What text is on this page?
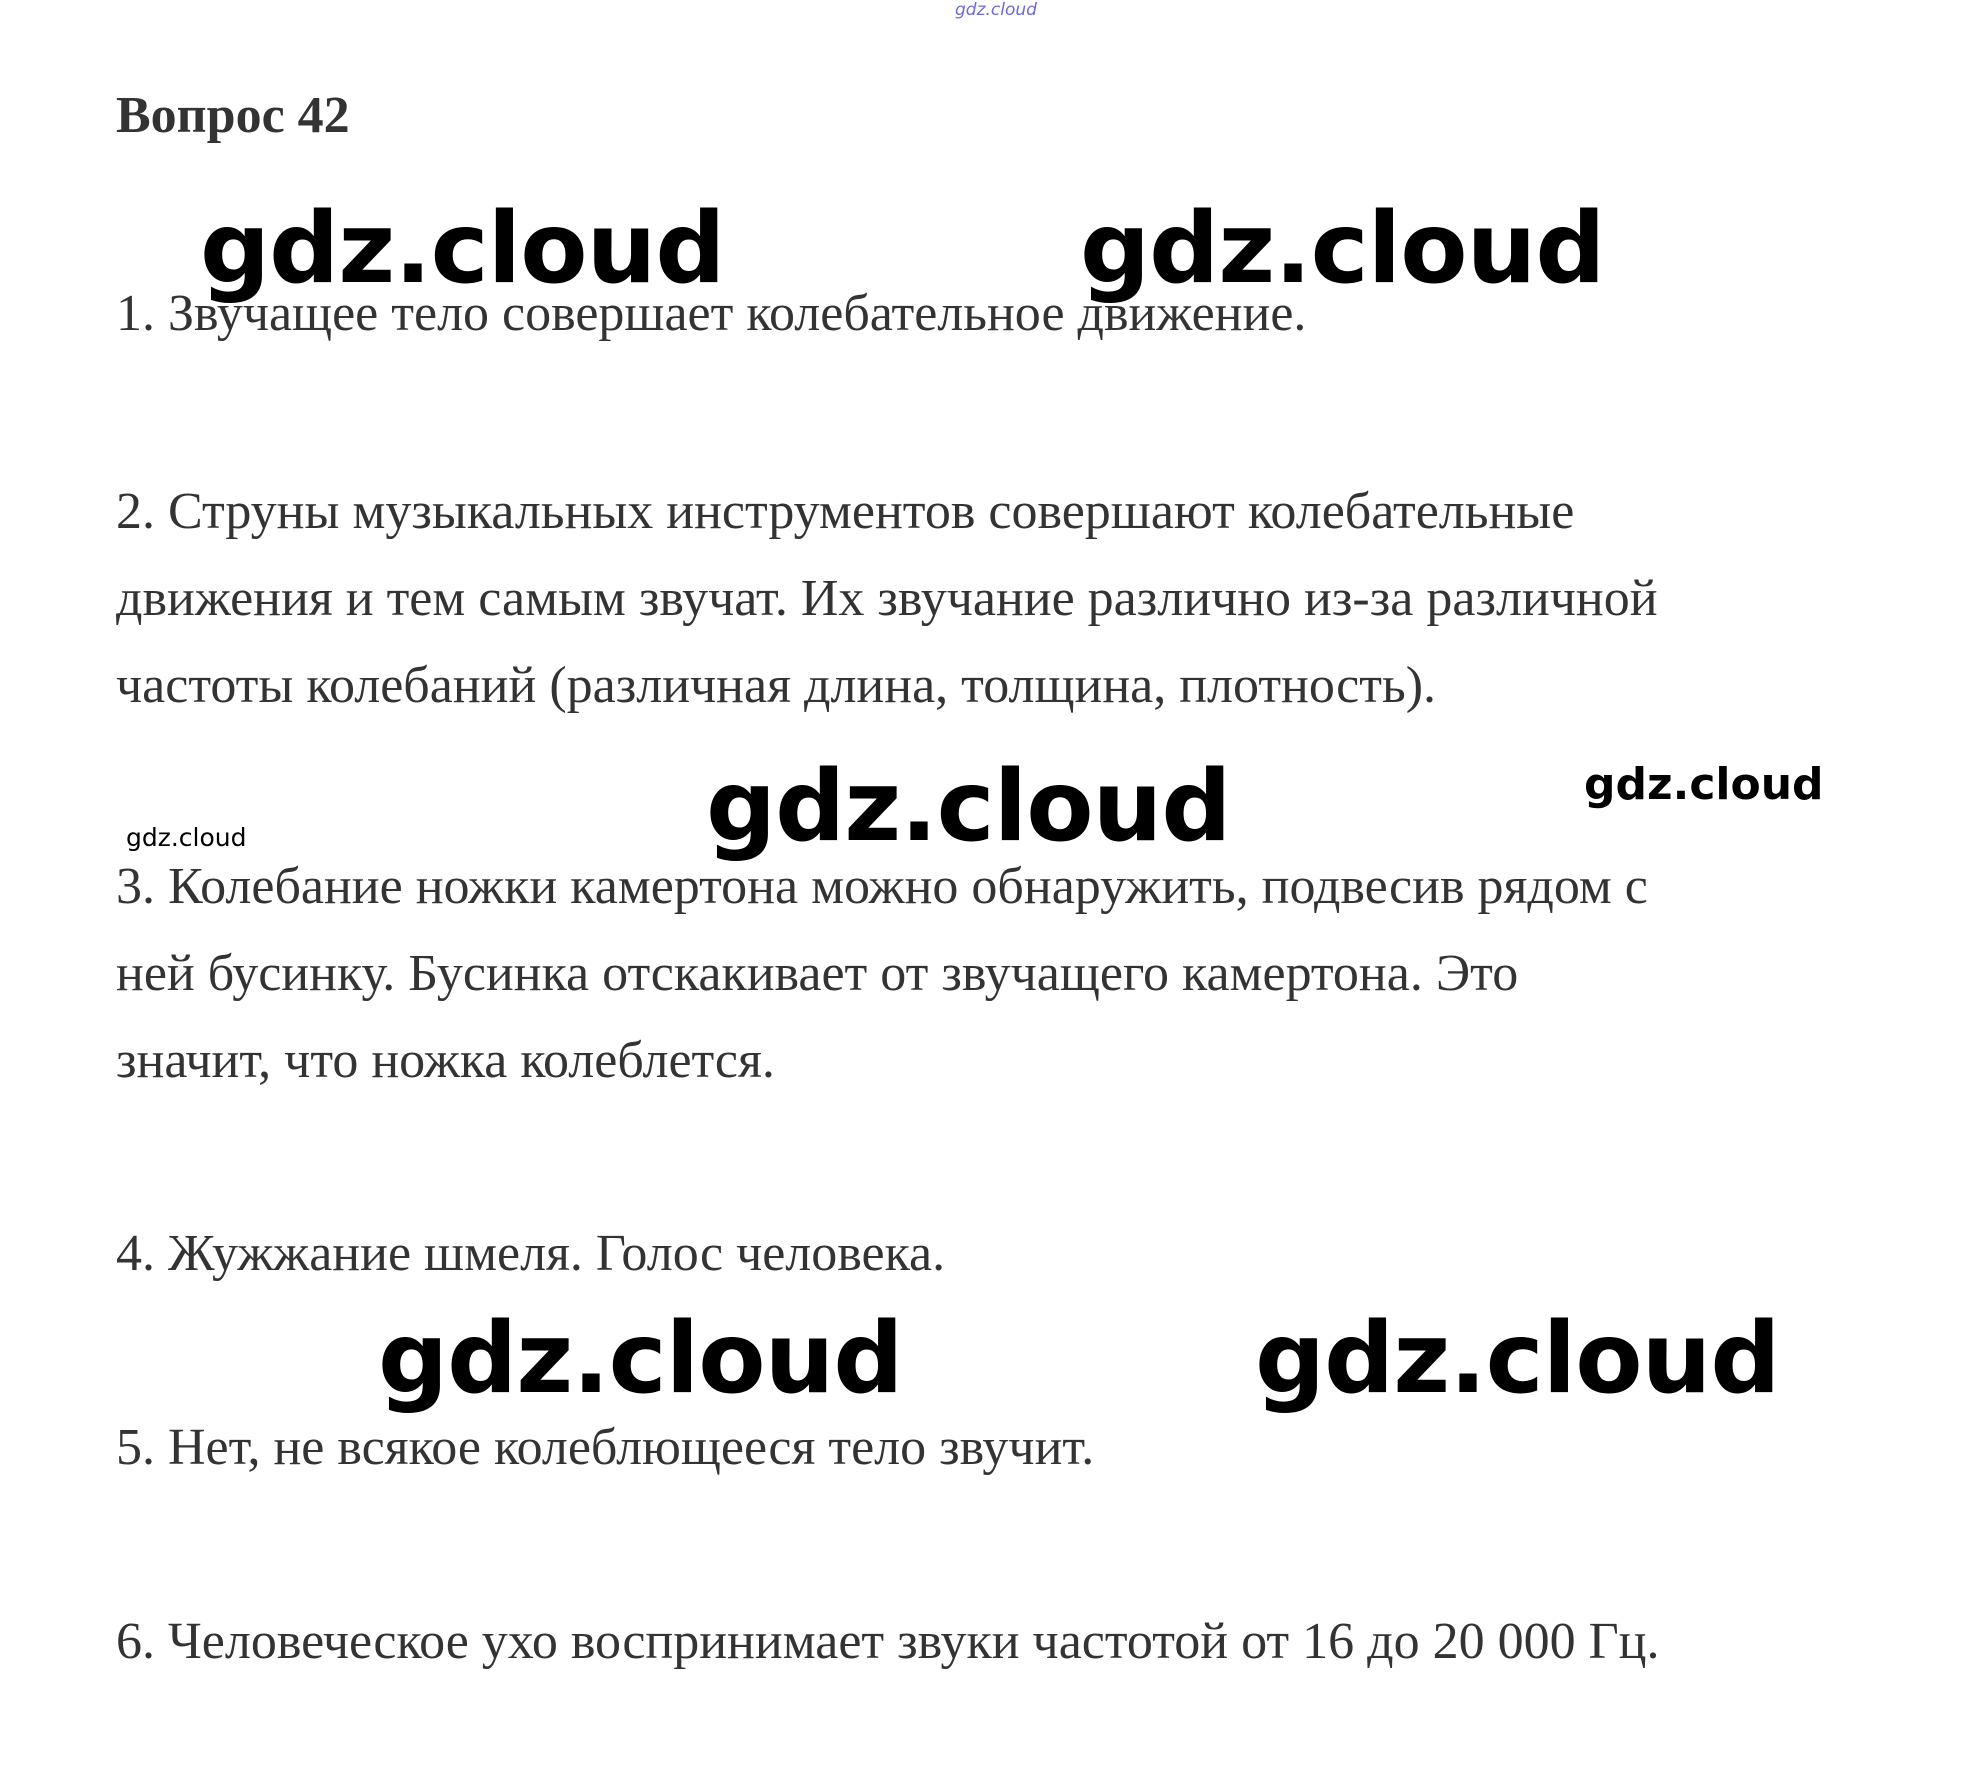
gdz.cloud
Вопрос 42
gdz.cloud	gdz.cloud

1. Звучащее тело совершает колебательное движение.

2. Струны музыкальных инструментов совершают колебательные
движения и тем самым звучат. Их звучание различно из-за различной
частоты колебаний (различная длина, толщина, плотность).

gdz.cloud	gdz.cloud
gdz.cloud

3. Колебание ножки камертона можно обнаружить, подвесив рядом с
ней бусинку. Бусинка отскакивает от звучащего камертона. Это
значит, что ножка колеблется.

4. Жужжание шмеля. Голос человека.

gdz.cloud	gdz.cloud

5. Нет, не всякое колеблющееся тело звучит.

6. Человеческое ухо воспринимает звуки частотой от 16 до 20 000 Гц.
